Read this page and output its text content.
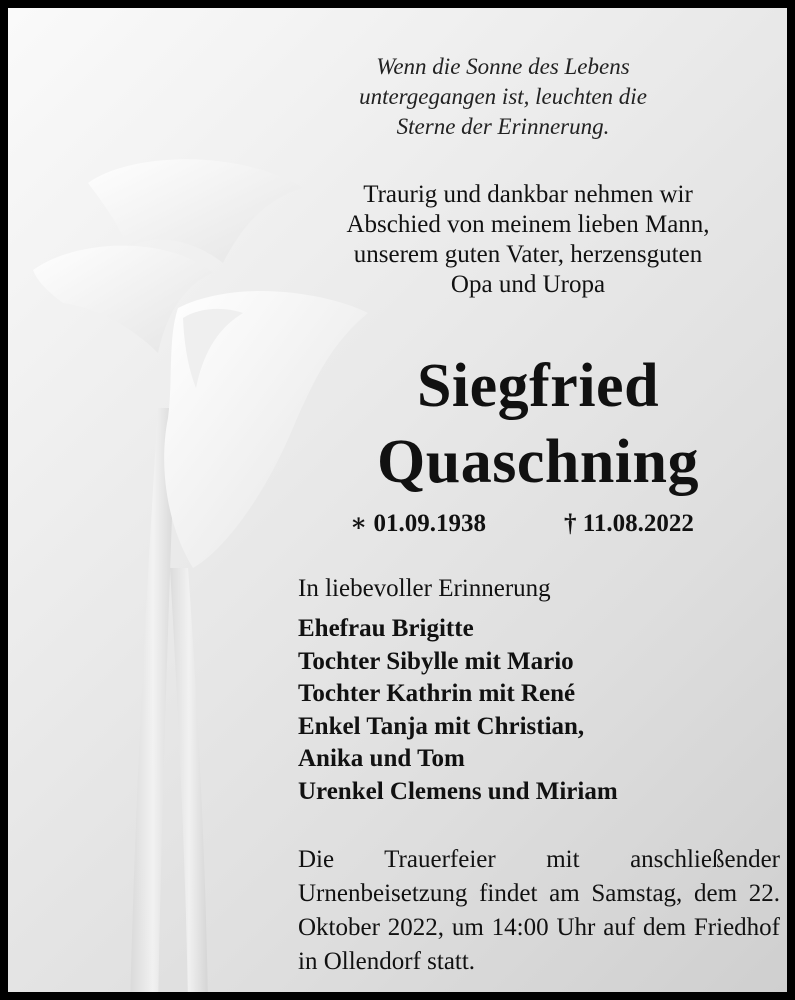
Wenn die Sonne des Lebens
untergegangen ist, leuchten die
Sterne der Erinnerung.
Traurig und dankbar nehmen wir
Abschied von meinem lieben Mann,
unserem guten Vater, herzensguten
Opa und Uropa
Siegfried
Quaschning
∗ 01.09.1938	† 11.08.2022
In liebevoller Erinnerung
Ehefrau Brigitte
Tochter Sibylle mit Mario
Tochter Kathrin mit René
Enkel Tanja mit Christian,
Anika und Tom
Urenkel Clemens und Miriam
Die Trauerfeier mit anschließender Urnenbeisetzung findet am Samstag, dem 22. Oktober 2022, um 14:00 Uhr auf dem Friedhof in Ollendorf statt.
